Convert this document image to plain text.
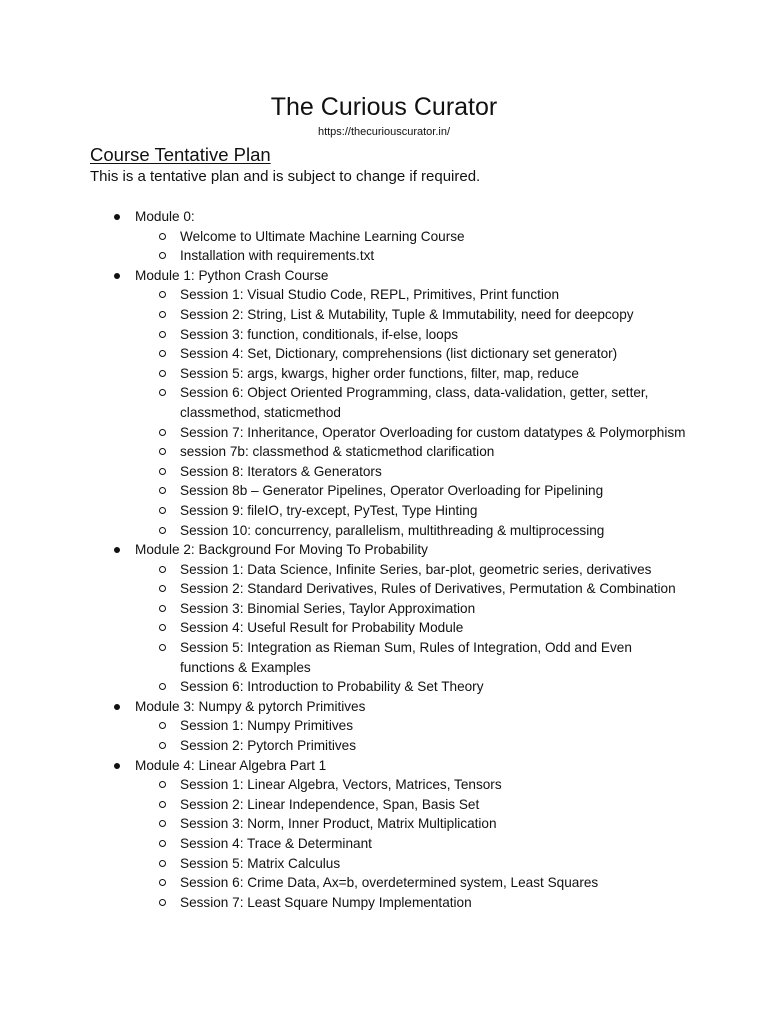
The Curious Curator
https://thecuriouscurator.in/
Course Tentative Plan
This is a tentative plan and is subject to change if required.
Module 0:
Welcome to Ultimate Machine Learning Course
Installation with requirements.txt
Module 1: Python Crash Course
Session 1: Visual Studio Code, REPL, Primitives, Print function
Session 2: String, List & Mutability, Tuple & Immutability, need for deepcopy
Session 3: function, conditionals, if-else, loops
Session 4: Set, Dictionary, comprehensions (list dictionary set generator)
Session 5: args, kwargs, higher order functions, filter, map, reduce
Session 6: Object Oriented Programming, class, data-validation, getter, setter, classmethod, staticmethod
Session 7: Inheritance, Operator Overloading for custom datatypes & Polymorphism
session 7b: classmethod & staticmethod clarification
Session 8: Iterators & Generators
Session 8b – Generator Pipelines, Operator Overloading for Pipelining
Session 9: fileIO, try-except, PyTest, Type Hinting
Session 10: concurrency, parallelism, multithreading & multiprocessing
Module 2: Background For Moving To Probability
Session 1: Data Science, Infinite Series, bar-plot, geometric series, derivatives
Session 2: Standard Derivatives, Rules of Derivatives, Permutation & Combination
Session 3: Binomial Series, Taylor Approximation
Session 4: Useful Result for Probability Module
Session 5: Integration as Rieman Sum, Rules of Integration, Odd and Even functions & Examples
Session 6: Introduction to Probability & Set Theory
Module 3: Numpy & pytorch Primitives
Session 1: Numpy Primitives
Session 2: Pytorch Primitives
Module 4: Linear Algebra Part 1
Session 1: Linear Algebra, Vectors, Matrices, Tensors
Session 2: Linear Independence, Span, Basis Set
Session 3: Norm, Inner Product, Matrix Multiplication
Session 4: Trace & Determinant
Session 5: Matrix Calculus
Session 6: Crime Data, Ax=b, overdetermined system, Least Squares
Session 7: Least Square Numpy Implementation
